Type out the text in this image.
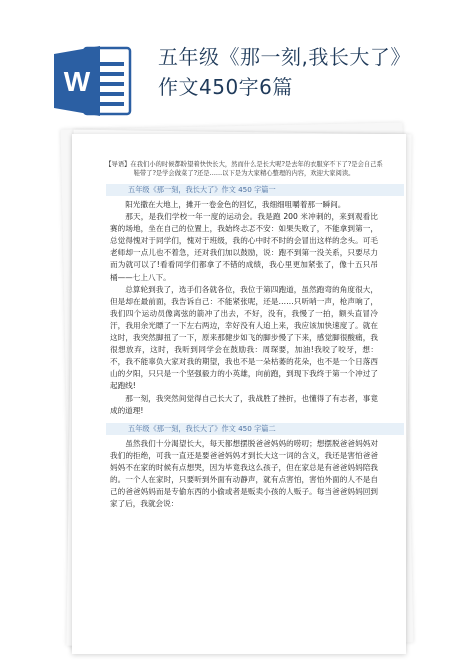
W
五年级《那一刻,我长大了》
作文450字6篇
【导语】在我们小的时候都盼望着快快长大，然而什么是长大呢?是去年的衣服穿不下了?是会自己系鞋带了?是学会做菜了?还是……以下是为大家精心整理的内容，欢迎大家阅读。
五年级《那一刻，我长大了》作文 450 字篇一

阳光撒在大地上，摊开一卷金色的回忆，我细细咀嚼着那一瞬间。

那天，是我们学校一年一度的运动会。我是跑 200 米冲刺的，来到观看比赛的场地，坐在自己的位置上，我始终忐忑不安：如果失败了，不能拿到第一，总觉得愧对于同学们，愧对于班级，我的心中时不时的会冒出这样的念头。可毛老师却一点儿也不着急，还对我们加以鼓励，说：跑不到第一没关系，只要尽力而为就可以了!看看同学们都拿了不错的成绩，我心里更加紧张了，像十五只吊桶——七上八下。

总算轮到我了，选手们各就各位，我位于第四跑道，虽然跑弯的角度很大，但是却在最前面，我告诉自己：不能紧张呢，还是……只听哨一声，枪声响了，我们四个运动员像离弦的箭冲了出去，不好，没有，我慢了一拍，额头直冒冷汗，我用余光瞟了一下左右两边，幸好没有人追上来，我应该加快速度了。就在这时，我突然脚扭了一下，原来那健步如飞的脚步慢了下来，感觉脚很酸痛，我很想放弃，这时，我听到同学会在鼓励我：周琛要，加油!我咬了咬牙，想：不，我不能辜负大家对我的期望，我也不是一朵枯萎的花朵，也不是一个日落西山的夕阳，只只是一个坚强毅力的小英雄，向前跑，到现下我终于第一个冲过了起跑线!

那一刻，我突然间觉得自己长大了，我战胜了挫折，也懂得了有志者，事竟成的道理!

五年级《那一刻，我长大了》作文 450 字篇二

虽然我们十分渴望长大，每天都想摆脱爸爸妈妈的唠叨；想摆脱爸爸妈妈对我们的拒绝，可我一直还是要爸爸妈妈才到长大这一词的含义，我还是害怕爸爸妈妈不在家的时候有点想哭，因为毕竟我这么孩子，但在家总是有爸爸妈妈陪我的。一个人在家时，只要听到外面有动静声，就有点害怕，害怕外面的人不是自己的爸爸妈妈而是专偷东西的小偷或者是贩卖小孩的人贩子。每当爸爸妈妈回到家了后，我就会说：
